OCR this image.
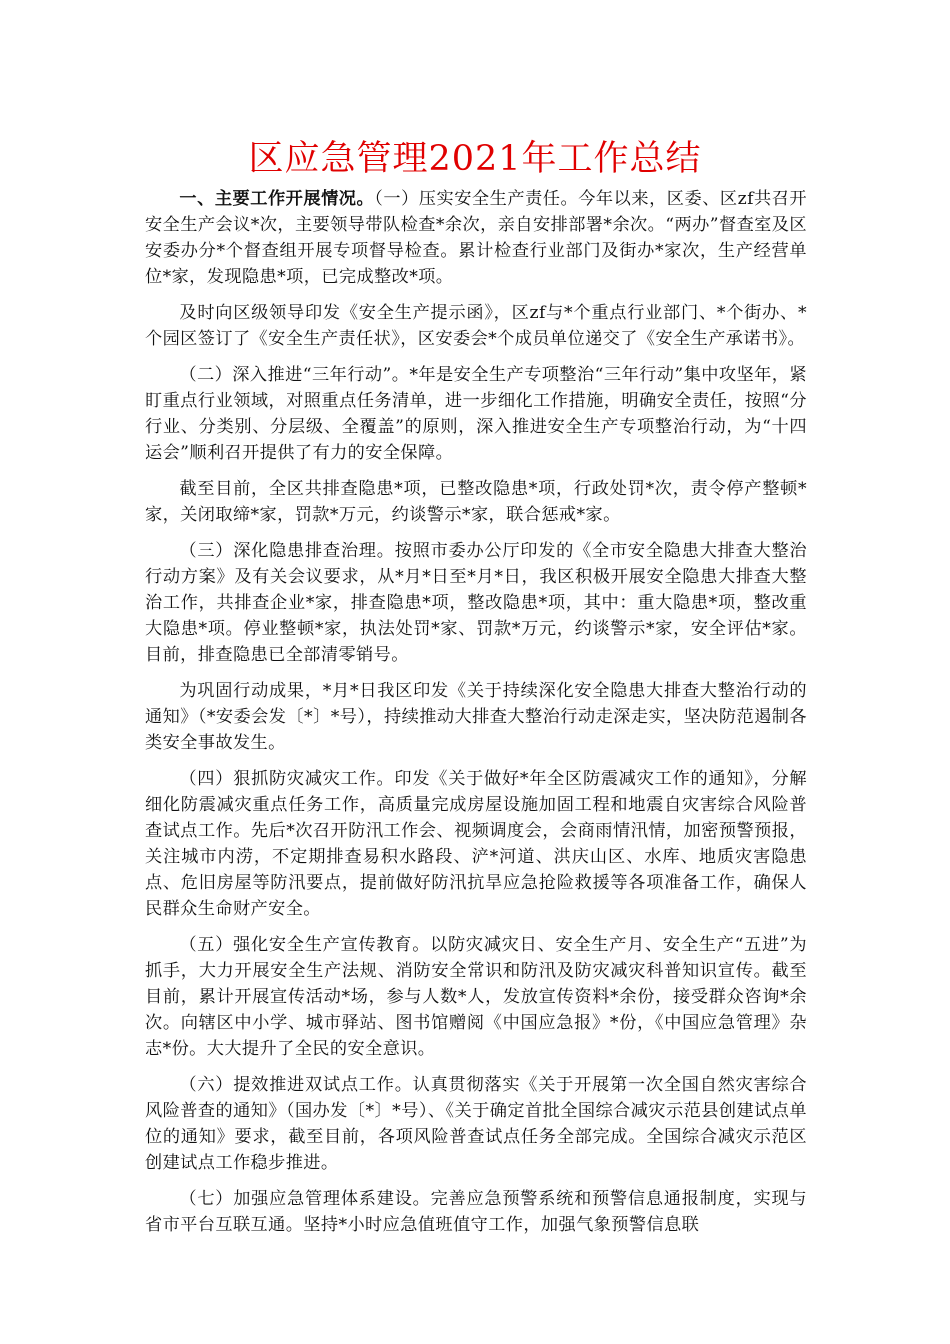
区应急管理2021年工作总结

一、主要工作开展情况。（一）压实安全生产责任。今年以来，区委、区zf共召开安全生产会议*次，主要领导带队检查*余次，亲自安排部署*余次。“两办”督查室及区安委办分*个督查组开展专项督导检查。累计检查行业部门及街办*家次，生产经营单位*家，发现隐患*项，已完成整改*项。

及时向区级领导印发《安全生产提示函》，区zf与*个重点行业部门、*个街办、*个园区签订了《安全生产责任状》，区安委会*个成员单位递交了《安全生产承诺书》。

（二）深入推进“三年行动”。*年是安全生产专项整治“三年行动”集中攻坚年，紧盯重点行业领域，对照重点任务清单，进一步细化工作措施，明确安全责任，按照“分行业、分类别、分层级、全覆盖”的原则，深入推进安全生产专项整治行动，为“十四运会”顺利召开提供了有力的安全保障。

截至目前，全区共排查隐患*项，已整改隐患*项，行政处罚*次，责令停产整顿*家，关闭取缔*家，罚款*万元，约谈警示*家，联合惩戒*家。

（三）深化隐患排查治理。按照市委办公厅印发的《全市安全隐患大排查大整治行动方案》及有关会议要求，从*月*日至*月*日，我区积极开展安全隐患大排查大整治工作，共排查企业*家，排查隐患*项，整改隐患*项，其中：重大隐患*项，整改重大隐患*项。停业整顿*家，执法处罚*家、罚款*万元，约谈警示*家，安全评估*家。目前，排查隐患已全部清零销号。

为巩固行动成果，*月*日我区印发《关于持续深化安全隐患大排查大整治行动的通知》（*安委会发〔*〕*号），持续推动大排查大整治行动走深走实，坚决防范遏制各类安全事故发生。

（四）狠抓防灾减灾工作。印发《关于做好*年全区防震减灾工作的通知》，分解细化防震减灾重点任务工作，高质量完成房屋设施加固工程和地震自灾害综合风险普查试点工作。先后*次召开防汛工作会、视频调度会，会商雨情汛情，加密预警预报，关注城市内涝，不定期排查易积水路段、浐*河道、洪庆山区、水库、地质灾害隐患点、危旧房屋等防汛要点，提前做好防汛抗旱应急抢险救援等各项准备工作，确保人民群众生命财产安全。

（五）强化安全生产宣传教育。以防灾减灾日、安全生产月、安全生产“五进”为抓手，大力开展安全生产法规、消防安全常识和防汛及防灾减灾科普知识宣传。截至目前，累计开展宣传活动*场，参与人数*人，发放宣传资料*余份，接受群众咨询*余次。向辖区中小学、城市驿站、图书馆赠阅《中国应急报》*份，《中国应急管理》杂志*份。大大提升了全民的安全意识。

（六）提效推进双试点工作。认真贯彻落实《关于开展第一次全国自然灾害综合风险普查的通知》（国办发〔*〕*号）、《关于确定首批全国综合减灾示范县创建试点单位的通知》要求，截至目前，各项风险普查试点任务全部完成。全国综合减灾示范区创建试点工作稳步推进。

（七）加强应急管理体系建设。完善应急预警系统和预警信息通报制度，实现与省市平台互联互通。坚持*小时应急值班值守工作，加强气象预警信息联
